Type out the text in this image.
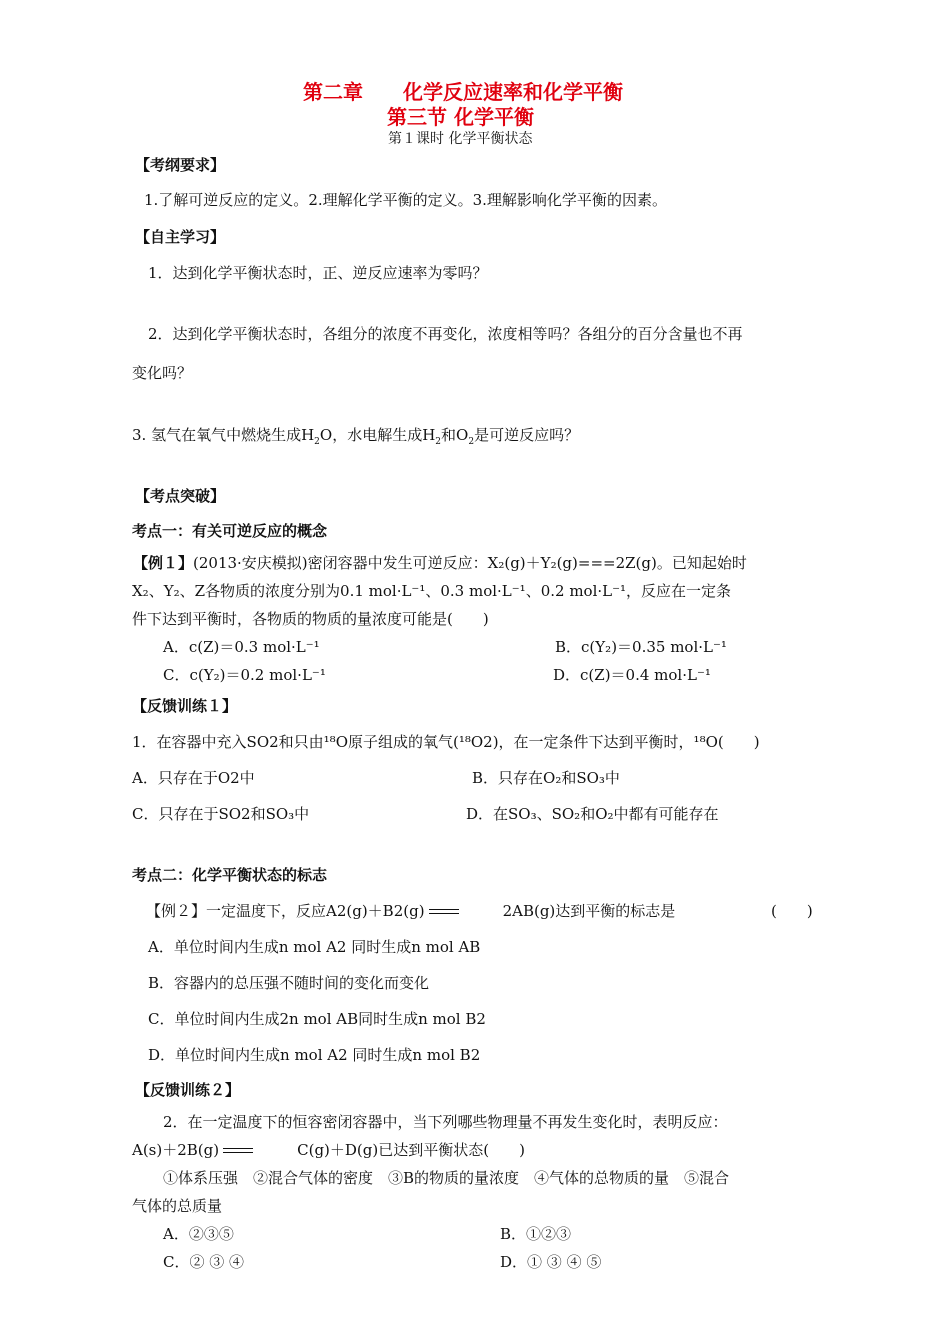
第二章　　化学反应速率和化学平衡
第三节 化学平衡
第１课时 化学平衡状态
【考纲要求】
1.了解可逆反应的定义。2.理解化学平衡的定义。3.理解影响化学平衡的因素。
【自主学习】
1．达到化学平衡状态时，正、逆反应速率为零吗？
2．达到化学平衡状态时，各组分的浓度不再变化，浓度相等吗？各组分的百分含量也不再
变化吗？
3. 氢气在氧气中燃烧生成$H_2O$，水电解生成$H_2$和$O_2$是可逆反应吗？
【考点突破】
考点一：有关可逆反应的概念
【例１】(2013·安庆模拟)密闭容器中发生可逆反应：X₂(g)＋Y₂(g)===2Z(g)。已知起始时
X₂、Y₂、Z各物质的浓度分别为0.1 mol·L⁻¹、0.3 mol·L⁻¹、0.2 mol·L⁻¹，反应在一定条
件下达到平衡时，各物质的物质的量浓度可能是(　　)
A．c(Z)＝0.3 mol·L⁻¹	B．c(Y₂)＝0.35 mol·L⁻¹
C．c(Y₂)＝0.2 mol·L⁻¹	D．c(Z)＝0.4 mol·L⁻¹
【反馈训练１】
1．在容器中充入SO2和只由¹⁸O原子组成的氧气(¹⁸O2)，在一定条件下达到平衡时，¹⁸O(　　)
A．只存在于O2中	B．只存在O₂和SO₃中
C．只存在于SO2和SO₃中	D．在SO₃、SO₂和O₂中都有可能存在
考点二：化学平衡状态的标志
【例２】一定温度下，反应A2(g)＋B2(g)	2AB(g)达到平衡的标志是	(　　)
A．单位时间内生成n mol A2 同时生成n mol AB
B．容器内的总压强不随时间的变化而变化
C．单位时间内生成2n mol AB同时生成n mol B2
D．单位时间内生成n mol A2 同时生成n mol B2
【反馈训练２】
2．在一定温度下的恒容密闭容器中，当下列哪些物理量不再发生变化时，表明反应：
A(s)＋2B(g)	C(g)＋D(g)已达到平衡状态(　　)
①体系压强　②混合气体的密度　③B的物质的量浓度　④气体的总物质的量　⑤混合
气体的总质量
A．②③⑤	B．①②③
C．② ③ ④	D．① ③ ④ ⑤
